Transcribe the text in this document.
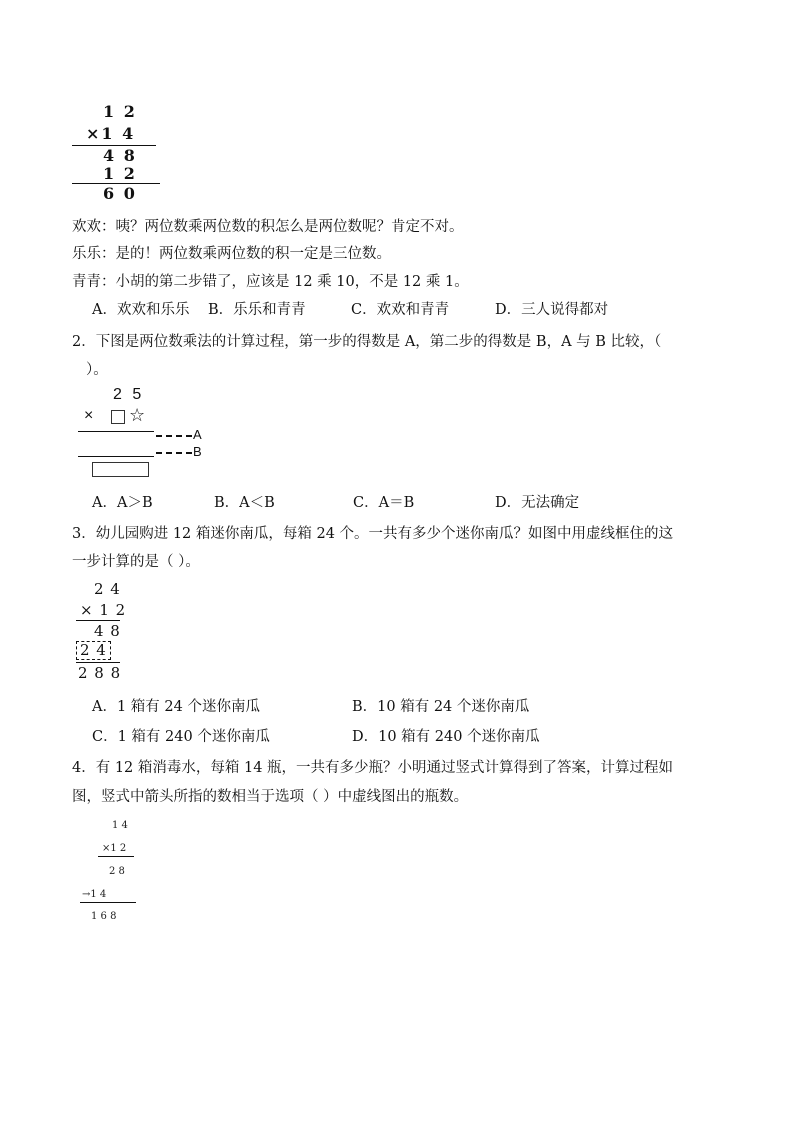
1 2
×1 4
4 8
1 2
6 0
欢欢：咦？两位数乘两位数的积怎么是两位数呢？肯定不对。
乐乐：是的！两位数乘两位数的积一定是三位数。
青青：小胡的第二步错了，应该是 12 乘 10，不是 12 乘 1。
A．欢欢和乐乐 B．乐乐和青青	C．欢欢和青青	D．三人说得都对
2．下图是两位数乘法的计算过程，第一步的得数是 A，第二步的得数是 B，A 与 B 比较，（
）。
2 5
× ☆
A
B
A．A＞B	B．A＜B	C．A＝B	D．无法确定
3．幼儿园购进 12 箱迷你南瓜，每箱 24 个。一共有多少个迷你南瓜？如图中用虚线框住的这
一步计算的是（ ）。
2 4
× 1 2
4 8
2 4
2 8 8
A．1 箱有 24 个迷你南瓜	B．10 箱有 24 个迷你南瓜
C．1 箱有 240 个迷你南瓜	D．10 箱有 240 个迷你南瓜
4．有 12 箱消毒水，每箱 14 瓶，一共有多少瓶？小明通过竖式计算得到了答案，计算过程如
图，竖式中箭头所指的数相当于选项（ ）中虚线图出的瓶数。
1 4
×1 2
2 8
→1 4
1 6 8
